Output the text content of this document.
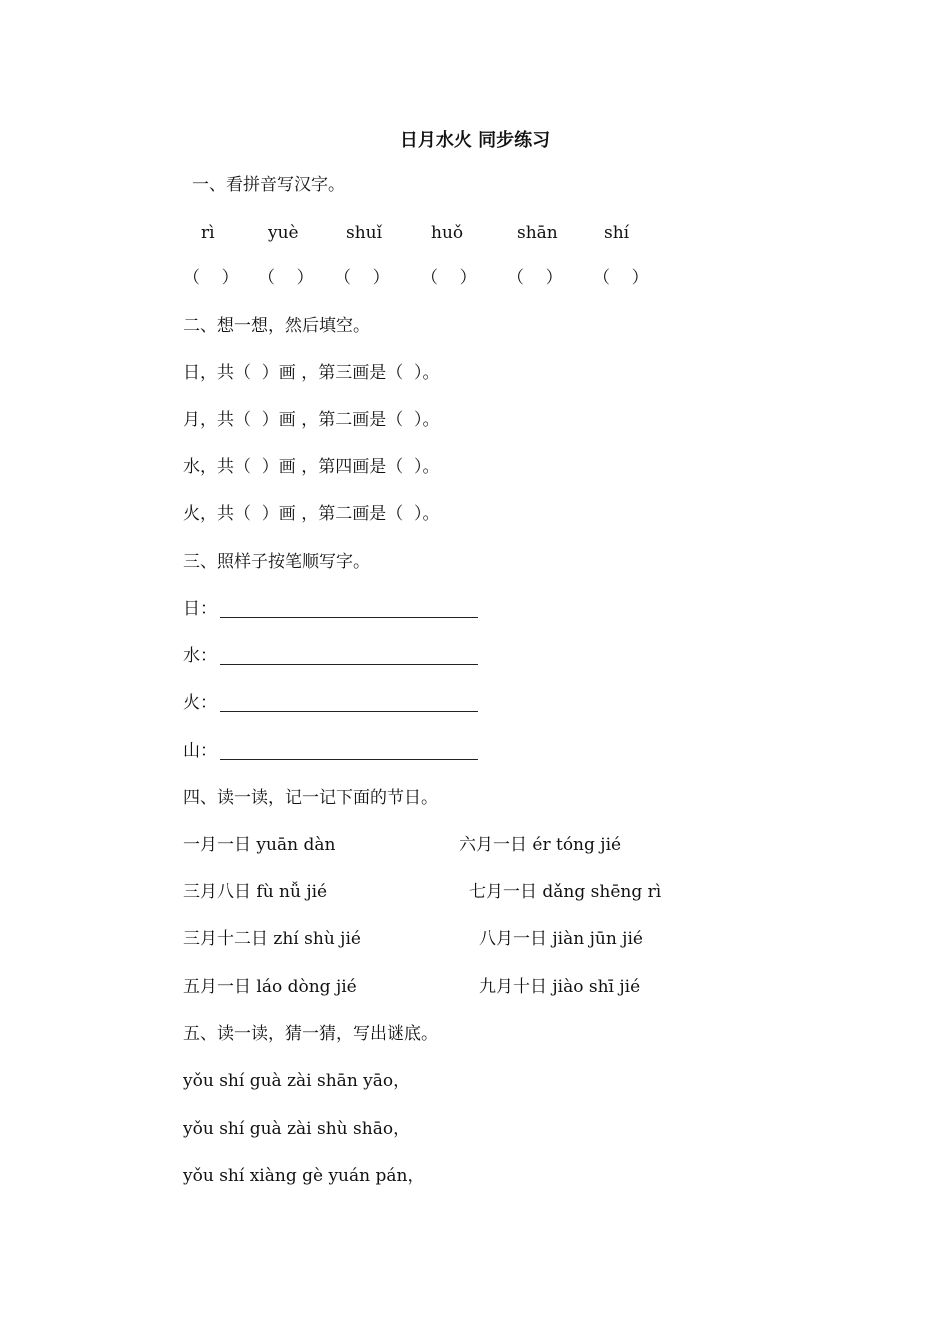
日月水火 同步练习
一、看拼音写汉字。
rì	yuè	shuǐ	huǒ	shān	shí
（    ） （    ） （    ） （    ） （    ） （    ）
二、想一想，然后填空。
日，共（  ）画 ，第三画是（  ）。
月，共（  ）画 ，第二画是（  ）。
水，共（  ）画 ，第四画是（  ）。
火，共（  ）画 ，第二画是（  ）。
三、照样子按笔顺写字。
日：
水：
火：
山：
四、读一读，记一记下面的节日。
一月一日 yuān dàn	六月一日 ér tóng jié
三月八日 fù nǚ jié	七月一日 dǎng shēng rì
三月十二日 zhí shù jié	八月一日 jiàn jūn jié
五月一日 láo dòng jié	九月十日 jiào shī jié
五、读一读，猜一猜，写出谜底。
yǒu shí guà zài shān yāo，
yǒu shí guà zài shù shāo，
yǒu shí xiàng gè yuán pán，
